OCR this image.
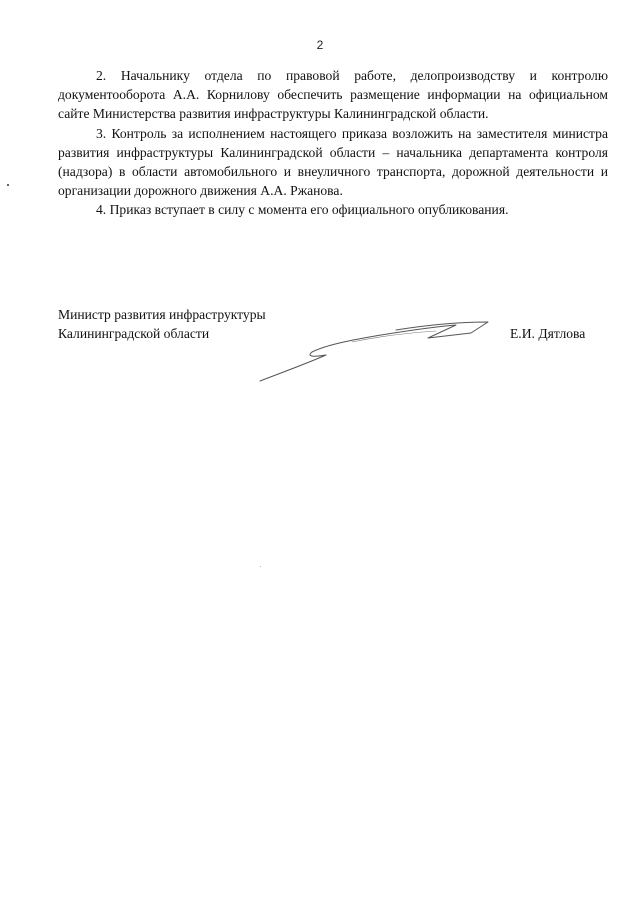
2

2. Начальнику отдела по правовой работе, делопроизводству и контролю документооборота А.А. Корнилову обеспечить размещение информации на официальном сайте Министерства развития инфраструктуры Калининградской области.

3. Контроль за исполнением настоящего приказа возложить на заместителя министра развития инфраструктуры Калининградской области – начальника департамента контроля (надзора) в области автомобильного и внеуличного транспорта, дорожной деятельности и организации дорожного движения А.А. Ржанова.

4. Приказ вступает в силу с момента его официального опубликования.

Министр развития инфраструктуры
Калининградской области	Е.И. Дятлова
